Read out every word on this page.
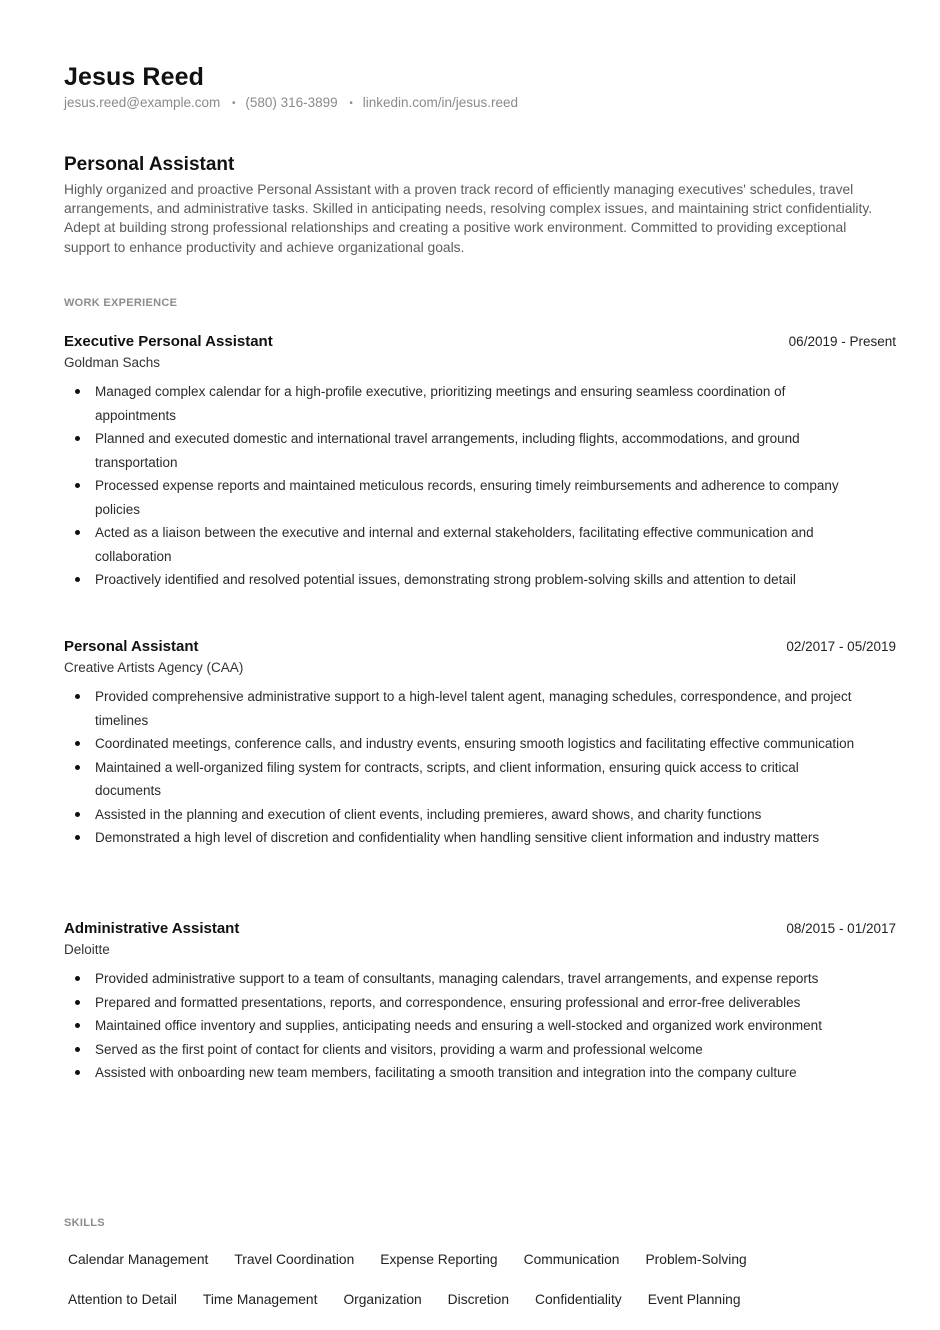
Jesus Reed
jesus.reed@example.com • (580) 316-3899 • linkedin.com/in/jesus.reed
Personal Assistant
Highly organized and proactive Personal Assistant with a proven track record of efficiently managing executives' schedules, travel arrangements, and administrative tasks. Skilled in anticipating needs, resolving complex issues, and maintaining strict confidentiality. Adept at building strong professional relationships and creating a positive work environment. Committed to providing exceptional support to enhance productivity and achieve organizational goals.
WORK EXPERIENCE
Executive Personal Assistant	06/2019 - Present
Goldman Sachs
Managed complex calendar for a high-profile executive, prioritizing meetings and ensuring seamless coordination of appointments
Planned and executed domestic and international travel arrangements, including flights, accommodations, and ground transportation
Processed expense reports and maintained meticulous records, ensuring timely reimbursements and adherence to company policies
Acted as a liaison between the executive and internal and external stakeholders, facilitating effective communication and collaboration
Proactively identified and resolved potential issues, demonstrating strong problem-solving skills and attention to detail
Personal Assistant	02/2017 - 05/2019
Creative Artists Agency (CAA)
Provided comprehensive administrative support to a high-level talent agent, managing schedules, correspondence, and project timelines
Coordinated meetings, conference calls, and industry events, ensuring smooth logistics and facilitating effective communication
Maintained a well-organized filing system for contracts, scripts, and client information, ensuring quick access to critical documents
Assisted in the planning and execution of client events, including premieres, award shows, and charity functions
Demonstrated a high level of discretion and confidentiality when handling sensitive client information and industry matters
Administrative Assistant	08/2015 - 01/2017
Deloitte
Provided administrative support to a team of consultants, managing calendars, travel arrangements, and expense reports
Prepared and formatted presentations, reports, and correspondence, ensuring professional and error-free deliverables
Maintained office inventory and supplies, anticipating needs and ensuring a well-stocked and organized work environment
Served as the first point of contact for clients and visitors, providing a warm and professional welcome
Assisted with onboarding new team members, facilitating a smooth transition and integration into the company culture
SKILLS
Calendar Management Travel Coordination Expense Reporting Communication Problem-Solving
Attention to Detail Time Management Organization Discretion Confidentiality Event Planning
